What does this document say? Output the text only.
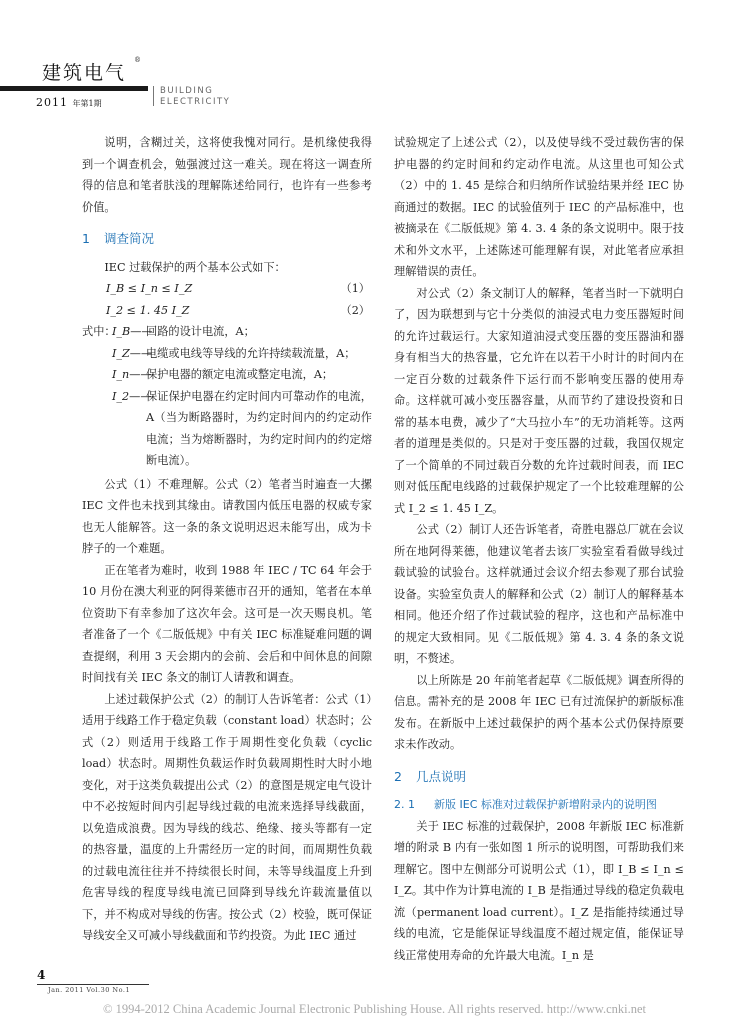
建筑电气
®
2011 年第1期
BUILDING
ELECTRICITY

说明，含糊过关，这将使我愧对同行。是机缘使我得到一个调查机会，勉强渡过这一难关。现在将这一调查所得的信息和笔者肤浅的理解陈述给同行，也许有一些参考价值。

1 调查简况

IEC 过载保护的两个基本公式如下：

I_B ≤ I_n ≤ I_Z	（1）

I_2 ≤ 1. 45 I_Z	（2）

式中：
I_B——
回路的设计电流，A；

I_Z——
电缆或电线等导线的允许持续载流量，A；

I_n——
保护电器的额定电流或整定电流，A；

I_2——
保证保护电器在约定时间内可靠动作的电流，A（当为断路器时，为约定时间内的约定动作电流；当为熔断器时，为约定时间内的约定熔断电流）。

公式（1）不难理解。公式（2）笔者当时遍查一大摞 IEC 文件也未找到其缘由。请教国内低压电器的权威专家也无人能解答。这一条的条文说明迟迟未能写出，成为卡脖子的一个难题。

正在笔者为难时，收到 1988 年 IEC / TC 64 年会于 10 月份在澳大利亚的阿得莱德市召开的通知，笔者在本单位资助下有幸参加了这次年会。这可是一次天赐良机。笔者准备了一个《二版低规》中有关 IEC 标准疑难问题的调查提纲，利用 3 天会期内的会前、会后和中间休息的间隙时间找有关 IEC 条文的制订人请教和调查。

上述过载保护公式（2）的制订人告诉笔者：公式（1）适用于线路工作于稳定负载（constant load）状态时；公式（2）则适用于线路工作于周期性变化负载（cyclic load）状态时。周期性负载运作时负载周期性时大时小地变化，对于这类负载提出公式（2）的意图是规定电气设计中不必按短时间内引起导线过载的电流来选择导线截面，以免造成浪费。因为导线的线芯、绝缘、接头等都有一定的热容量，温度的上升需经历一定的时间，而周期性负载的过载电流往往并不持续很长时间，未等导线温度上升到危害导线的程度导线电流已回降到导线允许载流量值以下，并不构成对导线的伤害。按公式（2）校验，既可保证导线安全又可减小导线截面和节约投资。为此 IEC 通过

试验规定了上述公式（2），以及使导线不受过载伤害的保护电器的约定时间和约定动作电流。从这里也可知公式（2）中的 1. 45 是综合和归纳所作试验结果并经 IEC 协商通过的数据。IEC 的试验值列于 IEC 的产品标准中，也被摘录在《二版低规》第 4. 3. 4 条的条文说明中。限于技术和外文水平，上述陈述可能理解有误，对此笔者应承担理解错误的责任。

对公式（2）条文制订人的解释，笔者当时一下就明白了，因为联想到与它十分类似的油浸式电力变压器短时间的允许过载运行。大家知道油浸式变压器的变压器油和器身有相当大的热容量，它允许在以若干小时计的时间内在一定百分数的过载条件下运行而不影响变压器的使用寿命。这样就可减小变压器容量，从而节约了建设投资和日常的基本电费，减少了“大马拉小车”的无功消耗等。这两者的道理是类似的。只是对于变压器的过载，我国仅规定了一个简单的不同过载百分数的允许过载时间表，而 IEC 则对低压配电线路的过载保护规定了一个比较难理解的公式 I_2 ≤ 1. 45 I_Z。

公式（2）制订人还告诉笔者，奇胜电器总厂就在会议所在地阿得莱德，他建议笔者去该厂实验室看看做导线过载试验的试验台。这样就通过会议介绍去参观了那台试验设备。实验室负责人的解释和公式（2）制订人的解释基本相同。他还介绍了作过载试验的程序，这也和产品标准中的规定大致相同。见《二版低规》第 4. 3. 4 条的条文说明，不赘述。

以上所陈是 20 年前笔者起草《二版低规》调查所得的信息。需补充的是 2008 年 IEC 已有过流保护的新版标准发布。在新版中上述过载保护的两个基本公式仍保持原要求未作改动。

2 几点说明

2. 1 新版 IEC 标准对过载保护新增附录内的说明图

关于 IEC 标准的过载保护，2008 年新版 IEC 标准新增的附录 B 内有一张如图 1 所示的说明图，可帮助我们来理解它。图中左侧部分可说明公式（1），即 I_B ≤ I_n ≤ I_Z。其中作为计算电流的 I_B 是指通过导线的稳定负载电流（permanent load current）。I_Z 是指能持续通过导线的电流，它是能保证导线温度不超过规定值，能保证导线正常使用寿命的允许最大电流。I_n 是

4
Jan. 2011 Vol.30 No.1
© 1994-2012 China Academic Journal Electronic Publishing House. All rights reserved. http://www.cnki.net
